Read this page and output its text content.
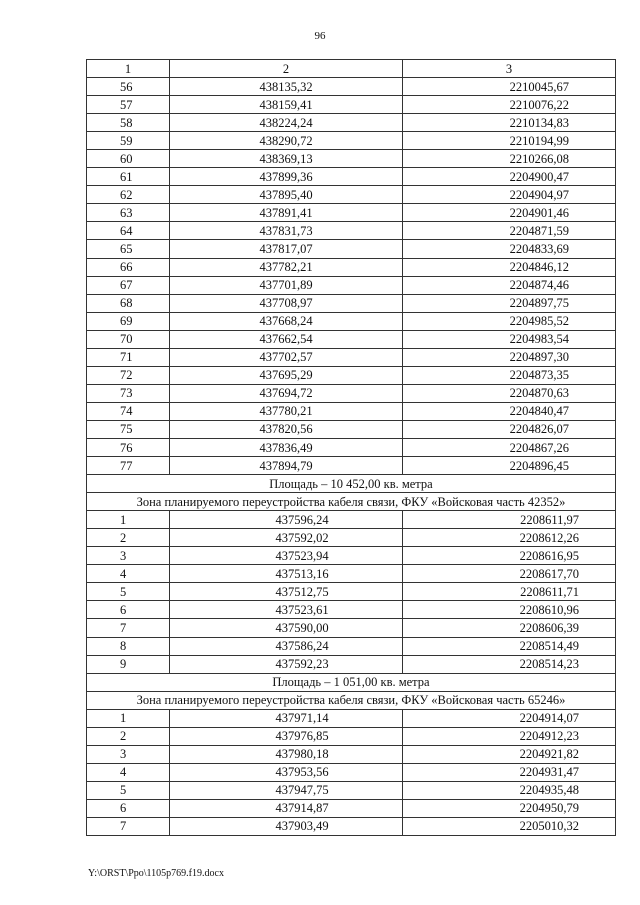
96
1	2	3
56	438135,32	2210045,67
57	438159,41	2210076,22
58	438224,24	2210134,83
59	438290,72	2210194,99
60	438369,13	2210266,08
61	437899,36	2204900,47
62	437895,40	2204904,97
63	437891,41	2204901,46
64	437831,73	2204871,59
65	437817,07	2204833,69
66	437782,21	2204846,12
67	437701,89	2204874,46
68	437708,97	2204897,75
69	437668,24	2204985,52
70	437662,54	2204983,54
71	437702,57	2204897,30
72	437695,29	2204873,35
73	437694,72	2204870,63
74	437780,21	2204840,47
75	437820,56	2204826,07
76	437836,49	2204867,26
77	437894,79	2204896,45
Площадь – 10 452,00 кв. метра		
Зона планируемого переустройства кабеля связи, ФКУ «Войсковая часть 42352»		
1	437596,24	2208611,97
2	437592,02	2208612,26
3	437523,94	2208616,95
4	437513,16	2208617,70
5	437512,75	2208611,71
6	437523,61	2208610,96
7	437590,00	2208606,39
8	437586,24	2208514,49
9	437592,23	2208514,23
Площадь – 1 051,00 кв. метра		
Зона планируемого переустройства кабеля связи, ФКУ «Войсковая часть 65246»		
1	437971,14	2204914,07
2	437976,85	2204912,23
3	437980,18	2204921,82
4	437953,56	2204931,47
5	437947,75	2204935,48
6	437914,87	2204950,79
7	437903,49	2205010,32
Y:\ORST\Ppo\1105p769.f19.docx
